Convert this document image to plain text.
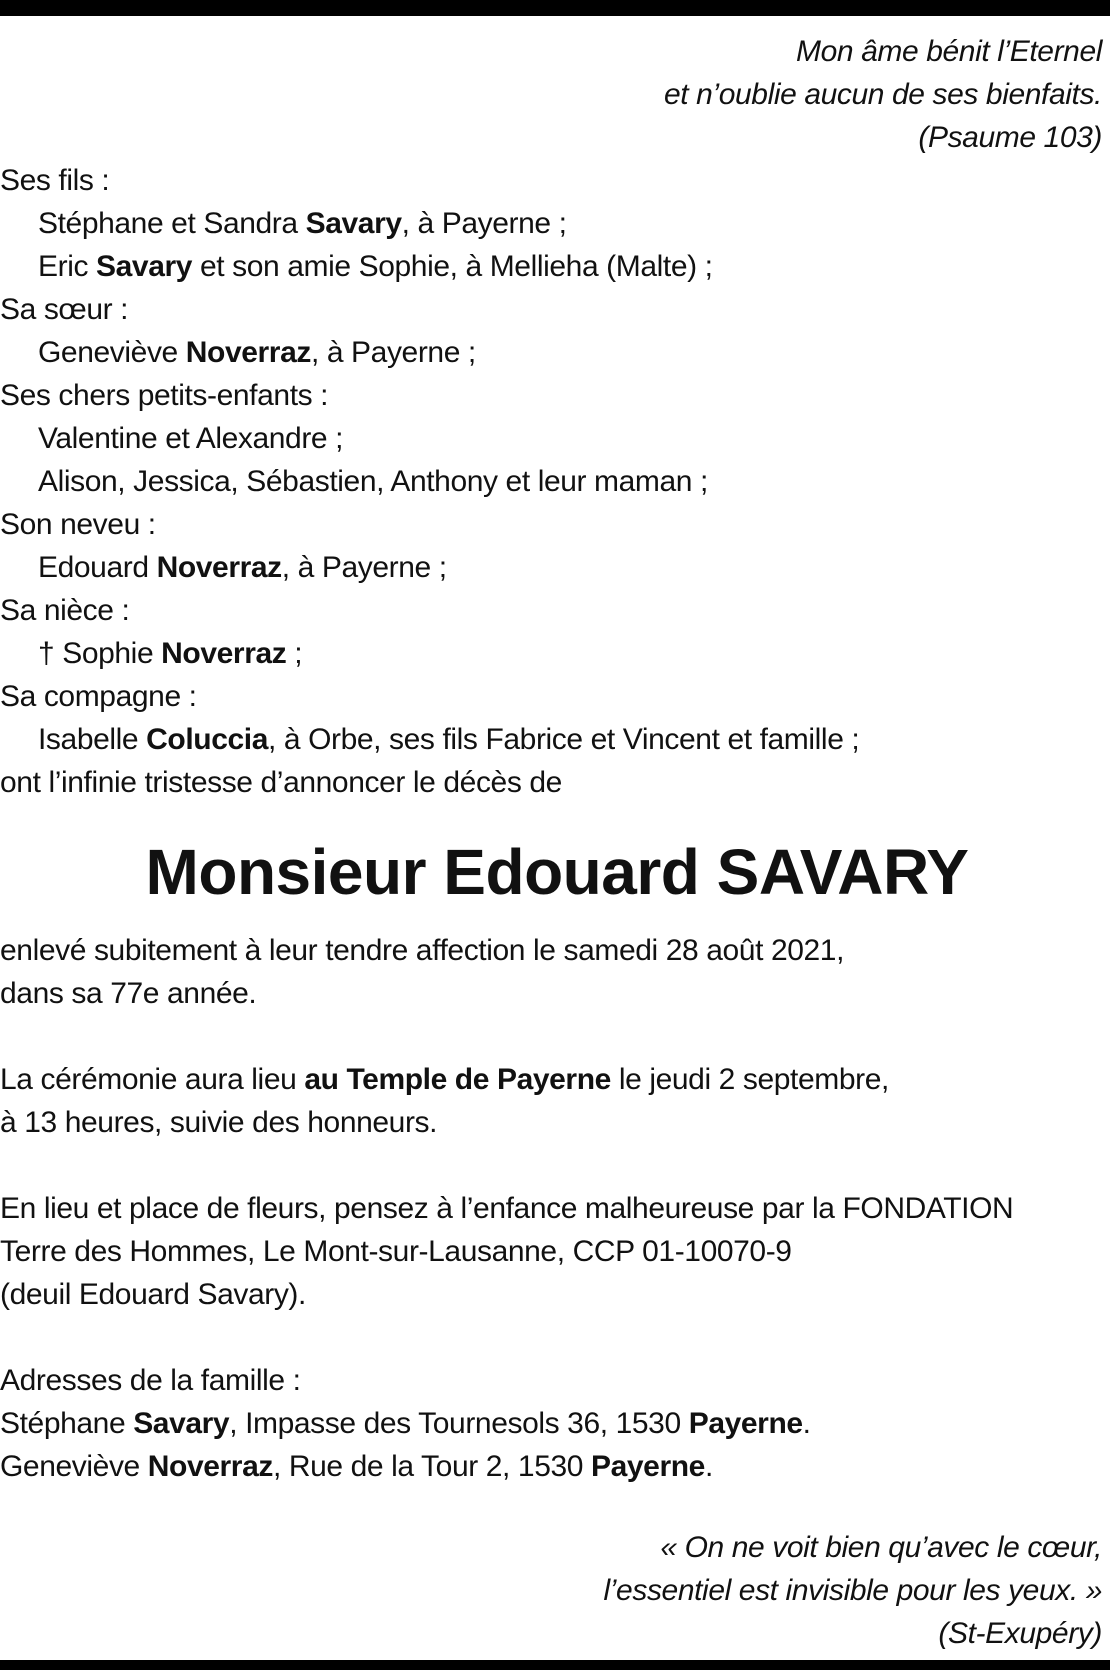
Mon âme bénit l’Eternel
et n’oublie aucun de ses bienfaits.
(Psaume 103)
Ses fils :
Stéphane et Sandra Savary, à Payerne ;
Eric Savary et son amie Sophie, à Mellieha (Malte) ;
Sa sœur :
Geneviève Noverraz, à Payerne ;
Ses chers petits-enfants :
Valentine et Alexandre ;
Alison, Jessica, Sébastien, Anthony et leur maman ;
Son neveu :
Edouard Noverraz, à Payerne ;
Sa nièce :
† Sophie Noverraz ;
Sa compagne :
Isabelle Coluccia, à Orbe, ses fils Fabrice et Vincent et famille ;
ont l’infinie tristesse d’annoncer le décès de
Monsieur Edouard SAVARY
enlevé subitement à leur tendre affection le samedi 28 août 2021,
dans sa 77e année.
La cérémonie aura lieu au Temple de Payerne le jeudi 2 septembre,
à 13 heures, suivie des honneurs.
En lieu et place de fleurs, pensez à l’enfance malheureuse par la FONDATION
Terre des Hommes, Le Mont-sur-Lausanne, CCP 01-10070-9
(deuil Edouard Savary).
Adresses de la famille :
Stéphane Savary, Impasse des Tournesols 36, 1530 Payerne.
Geneviève Noverraz, Rue de la Tour 2, 1530 Payerne.
« On ne voit bien qu’avec le cœur,
l’essentiel est invisible pour les yeux. »
(St-Exupéry)
